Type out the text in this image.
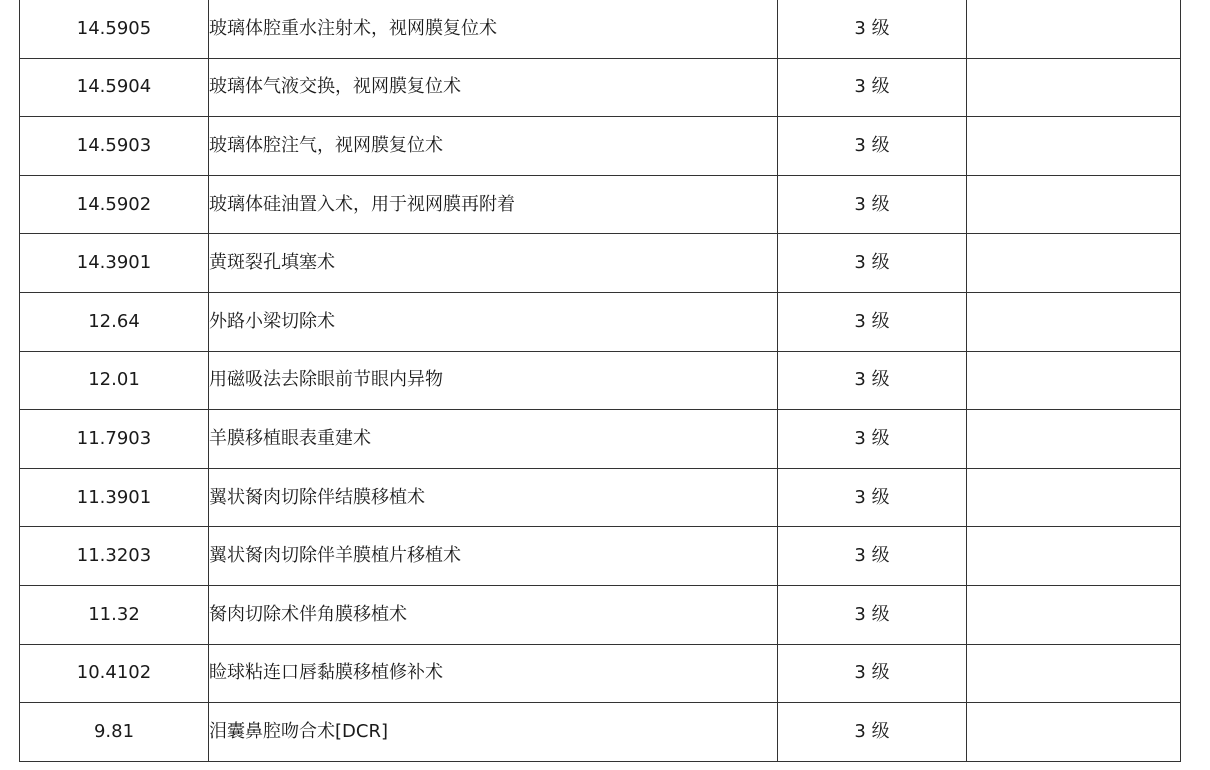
14.5905	玻璃体腔重水注射术，视网膜复位术	3 级	
14.5904	玻璃体气液交换，视网膜复位术	3 级	
14.5903	玻璃体腔注气，视网膜复位术	3 级	
14.5902	玻璃体硅油置入术，用于视网膜再附着	3 级	
14.3901	黄斑裂孔填塞术	3 级	
12.64	外路小梁切除术	3 级	
12.01	用磁吸法去除眼前节眼内异物	3 级	
11.7903	羊膜移植眼表重建术	3 级	
11.3901	翼状胬肉切除伴结膜移植术	3 级	
11.3203	翼状胬肉切除伴羊膜植片移植术	3 级	
11.32	胬肉切除术伴角膜移植术	3 级	
10.4102	睑球粘连口唇黏膜移植修补术	3 级	
9.81	泪囊鼻腔吻合术[DCR]	3 级	
